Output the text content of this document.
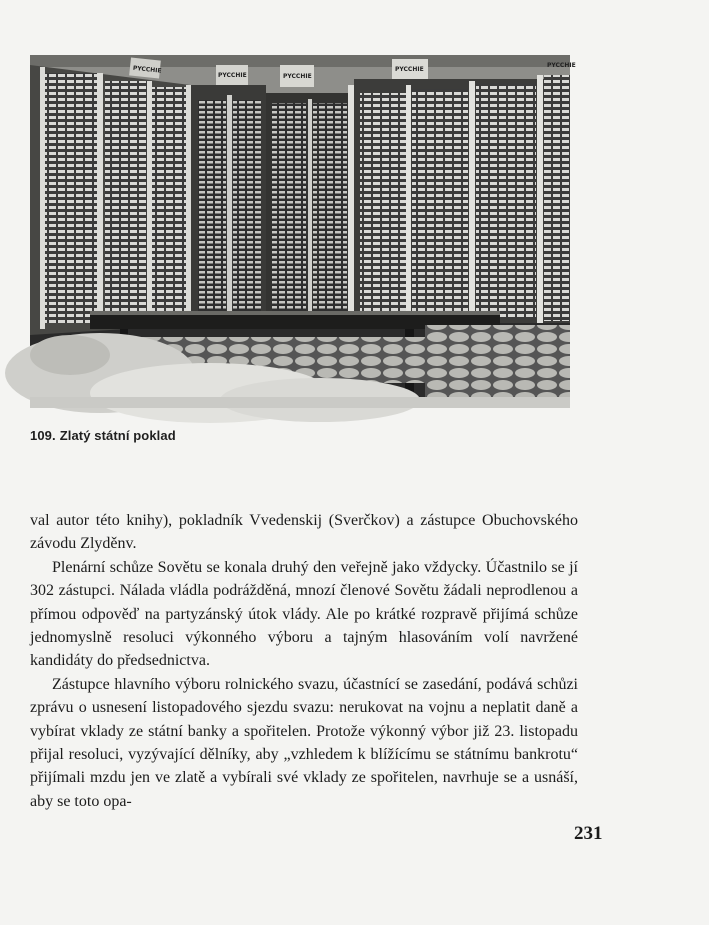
PYCCHIE
PYCCHIE	PYCCHIE
PYCCHIE
PYCCHIE
109. Zlatý státní poklad

val autor této knihy), pokladník Vvedenskij (Sverčkov) a zástupce Obuchovského závodu Zlyděnv.

Plenární schůze Sovětu se konala druhý den veřejně jako vždycky. Účastnilo se jí 302 zástupci. Nálada vládla podrážděná, mnozí členové Sovětu žádali neprodlenou a přímou odpověď na partyzánský útok vlády. Ale po krátké rozpravě přijímá schůze jednomyslně resoluci výkonného výboru a tajným hlasováním volí navržené kandidáty do předsednictva.

Zástupce hlavního výboru rolnického svazu, účastnící se zasedání, podává schůzi zprávu o usnesení listopadového sjezdu svazu: nerukovat na vojnu a neplatit daně a vybírat vklady ze státní banky a spořitelen. Protože výkonný výbor již 23. listopadu přijal resoluci, vyzývající dělníky, aby „vzhledem k blížícímu se státnímu bankrotu“ přijímali mzdu jen ve zlatě a vybírali své vklady ze spořitelen, navrhuje se a usnáší, aby se toto opa-

231
